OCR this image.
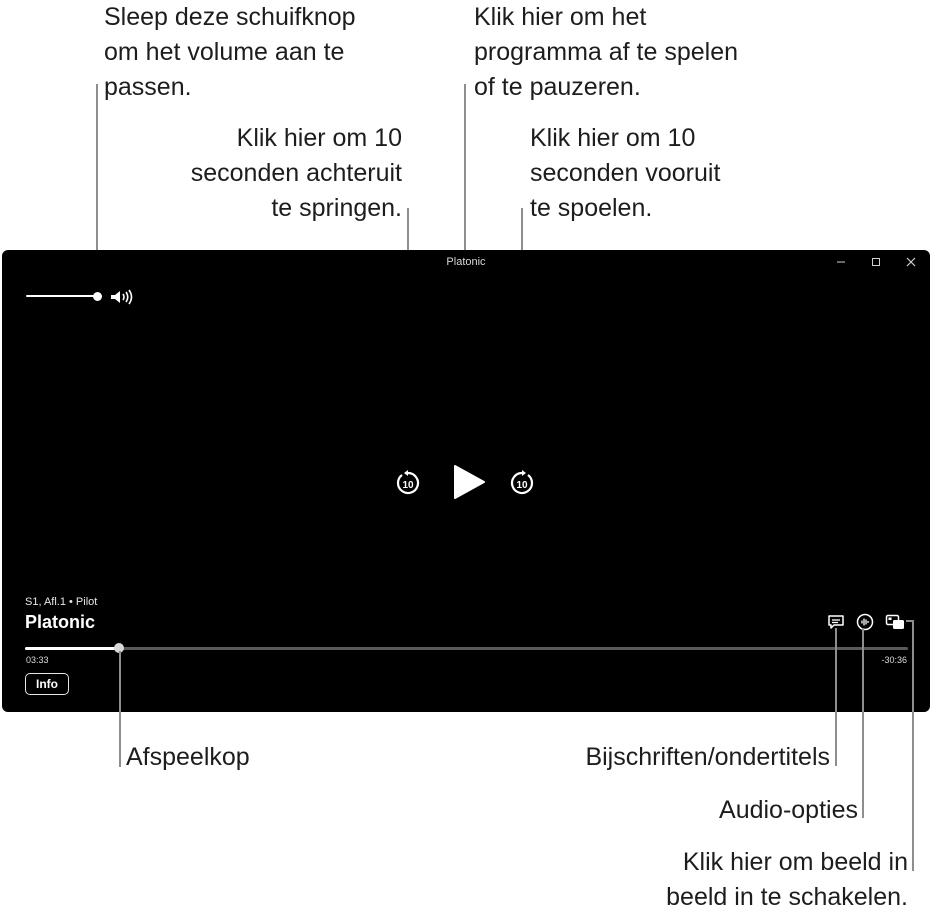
Sleep deze schuifknop
om het volume aan te
passen.
Klik hier om het
programma af te spelen
of te pauzeren.
Klik hier om 10
seconden achteruit
te springen.
Klik hier om 10
seconden vooruit
te spoelen.
Afspeelkop	Bijschriften/ondertitels
Audio-opties
Klik hier om beeld in
beeld in te schakelen.
Platonic
10	10
S1, Afl.1 • Pilot
Platonic
03:33	-30:36
Info
